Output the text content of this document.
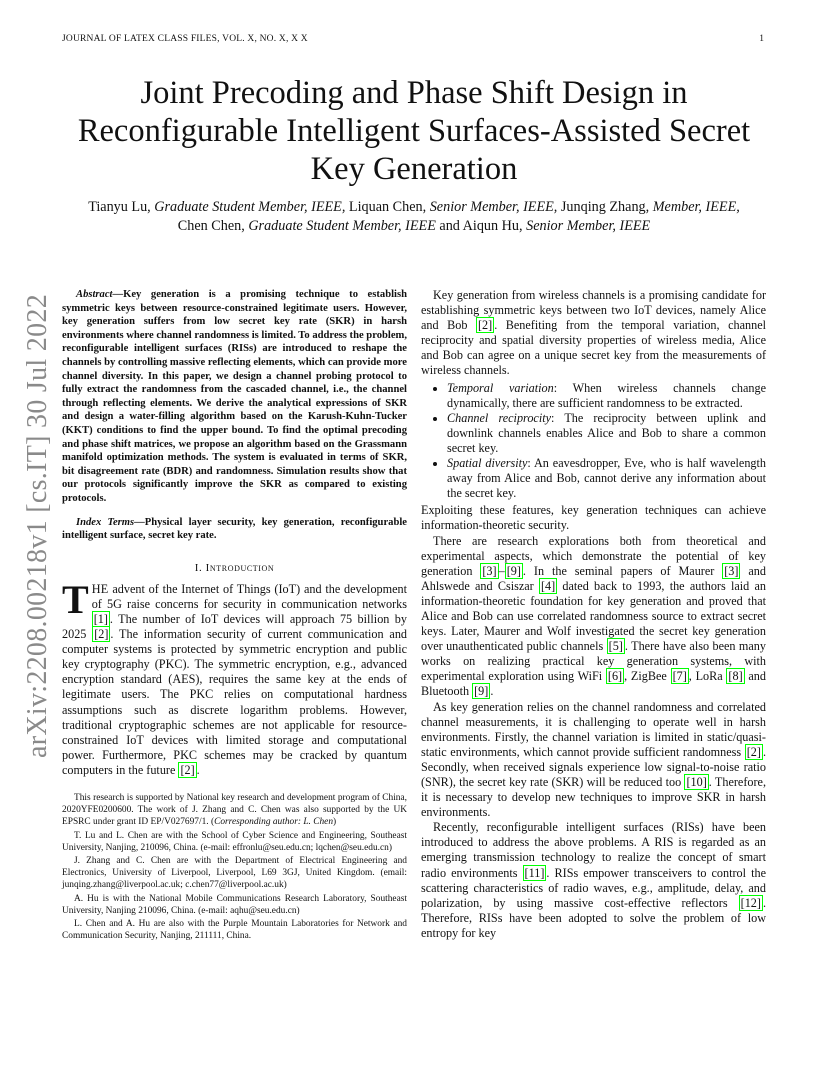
JOURNAL OF LATEX CLASS FILES, VOL. X, NO. X, X X	1
arXiv:2208.00218v1 [cs.IT] 30 Jul 2022
Joint Precoding and Phase Shift Design in
Reconfigurable Intelligent Surfaces-Assisted Secret
Key Generation
Tianyu Lu, Graduate Student Member, IEEE, Liquan Chen, Senior Member, IEEE, Junqing Zhang, Member, IEEE,
Chen Chen, Graduate Student Member, IEEE and Aiqun Hu, Senior Member, IEEE

Abstract—Key generation is a promising technique to establish symmetric keys between resource-constrained legitimate users. However, key generation suffers from low secret key rate (SKR) in harsh environments where channel randomness is limited. To address the problem, reconfigurable intelligent surfaces (RISs) are introduced to reshape the channels by controlling massive reflecting elements, which can provide more channel diversity. In this paper, we design a channel probing protocol to fully extract the randomness from the cascaded channel, i.e., the channel through reflecting elements. We derive the analytical expressions of SKR and design a water-filling algorithm based on the Karush-Kuhn-Tucker (KKT) conditions to find the upper bound. To find the optimal precoding and phase shift matrices, we propose an algorithm based on the Grassmann manifold optimization methods. The system is evaluated in terms of SKR, bit disagreement rate (BDR) and randomness. Simulation results show that our protocols significantly improve the SKR as compared to existing protocols.

Index Terms—Physical layer security, key generation, reconfigurable intelligent surface, secret key rate.

I. Introduction

THE advent of the Internet of Things (IoT) and the development of 5G raise concerns for security in communication networks [1] . The number of IoT devices will approach 75 billion by 2025 [2] . The information security of current communication and computer systems is protected by symmetric encryption and public key cryptography (PKC). The symmetric encryption, e.g., advanced encryption standard (AES), requires the same key at the ends of legitimate users. The PKC relies on computational hardness assumptions such as discrete logarithm problems. However, traditional cryptographic schemes are not applicable for resource-constrained IoT devices with limited storage and computational power. Furthermore, PKC schemes may be cracked by quantum computers in the future [2] .

This research is supported by National key research and development program of China, 2020YFE0200600. The work of J. Zhang and C. Chen was also supported by the UK EPSRC under grant ID EP/V027697/1. (Corresponding author: L. Chen)

T. Lu and L. Chen are with the School of Cyber Science and Engineering, Southeast University, Nanjing, 210096, China. (e-mail: effronlu@seu.edu.cn; lqchen@seu.edu.cn)

J. Zhang and C. Chen are with the Department of Electrical Engineering and Electronics, University of Liverpool, Liverpool, L69 3GJ, United Kingdom. (email: junqing.zhang@liverpool.ac.uk; c.chen77@liverpool.ac.uk)

A. Hu is with the National Mobile Communications Research Laboratory, Southeast University, Nanjing 210096, China. (e-mail: aqhu@seu.edu.cn)

L. Chen and A. Hu are also with the Purple Mountain Laboratories for Network and Communication Security, Nanjing, 211111, China.

Key generation from wireless channels is a promising candidate for establishing symmetric keys between two IoT devices, namely Alice and Bob [2] . Benefiting from the temporal variation, channel reciprocity and spatial diversity properties of wireless media, Alice and Bob can agree on a unique secret key from the measurements of wireless channels.

• Temporal variation: When wireless channels change dynamically, there are sufficient randomness to be extracted.
• Channel reciprocity: The reciprocity between uplink and downlink channels enables Alice and Bob to share a common secret key.
• Spatial diversity: An eavesdropper, Eve, who is half wavelength away from Alice and Bob, cannot derive any information about the secret key.

Exploiting these features, key generation techniques can achieve information-theoretic security.

There are research explorations both from theoretical and experimental aspects, which demonstrate the potential of key generation [3] – [9] . In the seminal papers of Maurer [3] and Ahlswede and Csiszar [4] dated back to 1993, the authors laid an information-theoretic foundation for key generation and proved that Alice and Bob can use correlated randomness source to extract secret keys. Later, Maurer and Wolf investigated the secret key generation over unauthenticated public channels [5] . There have also been many works on realizing practical key generation systems, with experimental exploration using WiFi [6] , ZigBee [7] , LoRa [8] and Bluetooth [9] .

As key generation relies on the channel randomness and correlated channel measurements, it is challenging to operate well in harsh environments. Firstly, the channel variation is limited in static/quasi-static environments, which cannot provide sufficient randomness [2] . Secondly, when received signals experience low signal-to-noise ratio (SNR), the secret key rate (SKR) will be reduced too [10] . Therefore, it is necessary to develop new techniques to improve SKR in harsh environments.

Recently, reconfigurable intelligent surfaces (RISs) have been introduced to address the above problems. A RIS is regarded as an emerging transmission technology to realize the concept of smart radio environments [11] . RISs empower transceivers to control the scattering characteristics of radio waves, e.g., amplitude, delay, and polarization, by using massive cost-effective reflectors [12] . Therefore, RISs have been adopted to solve the problem of low entropy for key
